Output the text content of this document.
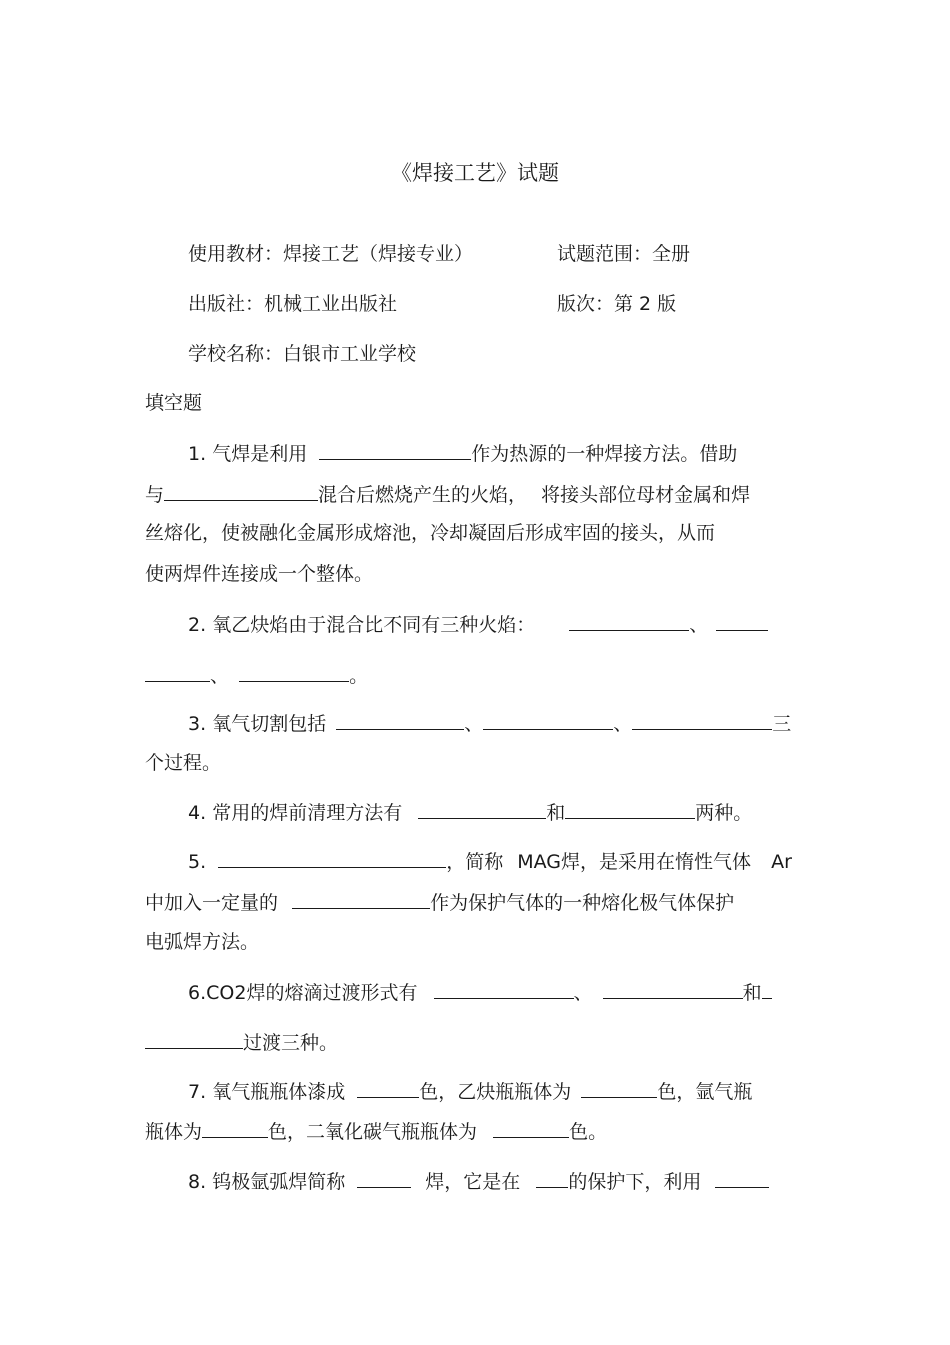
《焊接工艺》试题
使用教材：焊接工艺（焊接专业）	试题范围：全册
出版社：机械工业出版社	版次：第 2 版
学校名称：白银市工业学校
填空题
1. 气焊是利用	作为热源的一种焊接方法。借助
与	混合后燃烧产生的火焰， 将接头部位母材金属和焊
丝熔化，使被融化金属形成熔池，冷却凝固后形成牢固的接头，从而
使两焊件连接成一个整体。
2. 氧乙炔焰由于混合比不同有三种火焰：	、
、	。
3. 氧气切割包括	、	、	三
个过程。
4. 常用的焊前清理方法有	和	两种。
5.	，简称 MAG焊，是采用在惰性气体 Ar
中加入一定量的	作为保护气体的一种熔化极气体保护
电弧焊方法。
6.CO2焊的熔滴过渡形式有	、	和
过渡三种。
7. 氧气瓶瓶体漆成	色，乙炔瓶瓶体为	色，氩气瓶
瓶体为	色，二氧化碳气瓶瓶体为	色。
8. 钨极氩弧焊简称	焊，它是在	的保护下，利用
